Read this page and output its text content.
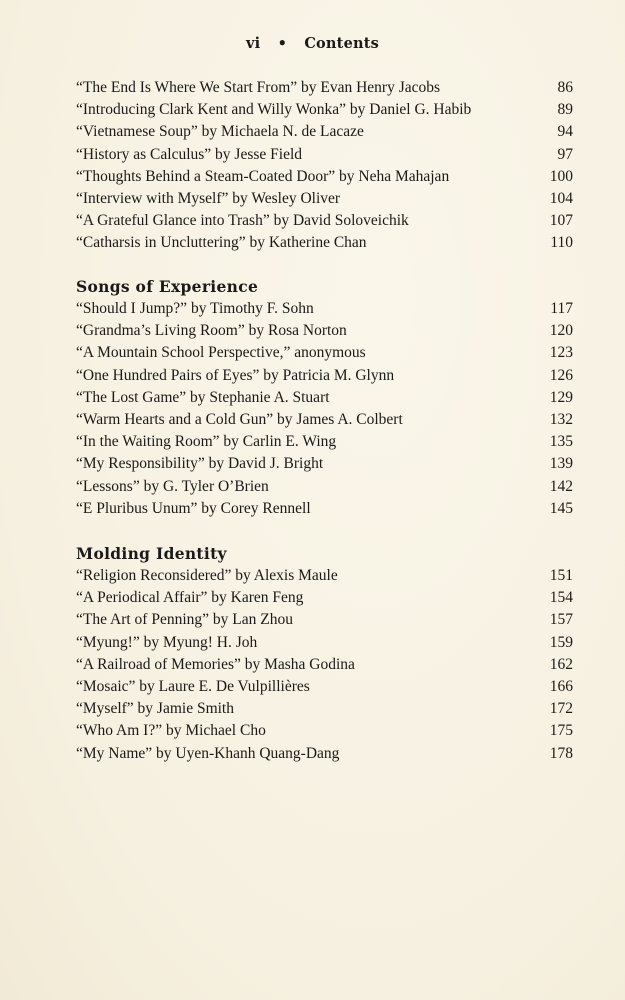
vi • Contents
“The End Is Where We Start From” by Evan Henry Jacobs	86
“Introducing Clark Kent and Willy Wonka” by Daniel G. Habib	89
“Vietnamese Soup” by Michaela N. de Lacaze	94
“History as Calculus” by Jesse Field	97
“Thoughts Behind a Steam-Coated Door” by Neha Mahajan	100
“Interview with Myself” by Wesley Oliver	104
“A Grateful Glance into Trash” by David Soloveichik	107
“Catharsis in Uncluttering” by Katherine Chan	110
Songs of Experience
“Should I Jump?” by Timothy F. Sohn	117
“Grandma’s Living Room” by Rosa Norton	120
“A Mountain School Perspective,” anonymous	123
“One Hundred Pairs of Eyes” by Patricia M. Glynn	126
“The Lost Game” by Stephanie A. Stuart	129
“Warm Hearts and a Cold Gun” by James A. Colbert	132
“In the Waiting Room” by Carlin E. Wing	135
“My Responsibility” by David J. Bright	139
“Lessons” by G. Tyler O’Brien	142
“E Pluribus Unum” by Corey Rennell	145
Molding Identity
“Religion Reconsidered” by Alexis Maule	151
“A Periodical Affair” by Karen Feng	154
“The Art of Penning” by Lan Zhou	157
“Myung!” by Myung! H. Joh	159
“A Railroad of Memories” by Masha Godina	162
“Mosaic” by Laure E. De Vulpillières	166
“Myself” by Jamie Smith	172
“Who Am I?” by Michael Cho	175
“My Name” by Uyen-Khanh Quang-Dang	178
